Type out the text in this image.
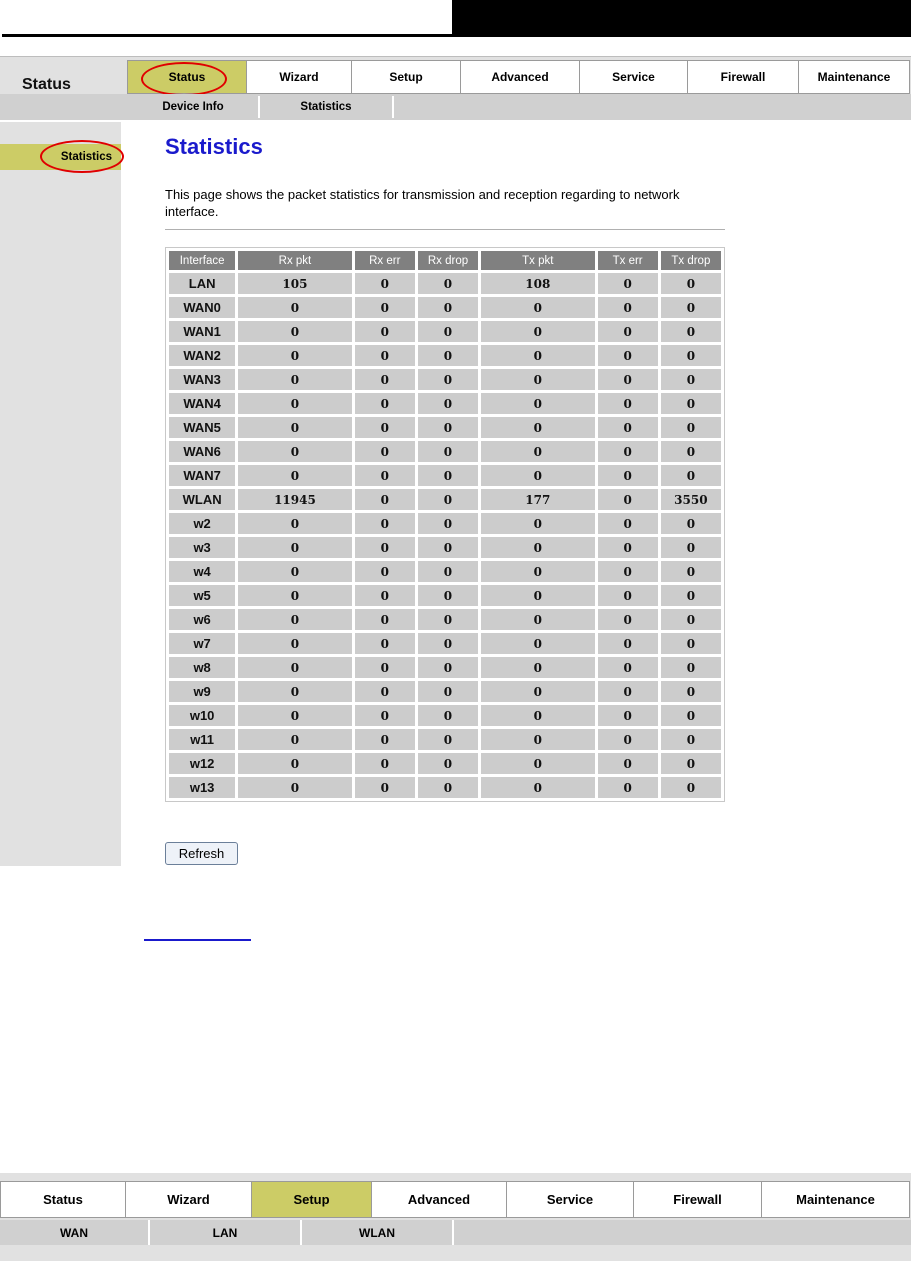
Status	Status	Wizard	Setup	Advanced	Service	Firewall	Maintenance
Device Info	Statistics
Statistics	Statistics
This page shows the packet statistics for transmission and reception regarding to network interface.
Interface	Rx pkt	Rx err	Rx drop	Tx pkt	Tx err	Tx drop
LAN	105	0	0	108	0	0
WAN0	0	0	0	0	0	0
WAN1	0	0	0	0	0	0
WAN2	0	0	0	0	0	0
WAN3	0	0	0	0	0	0
WAN4	0	0	0	0	0	0
WAN5	0	0	0	0	0	0
WAN6	0	0	0	0	0	0
WAN7	0	0	0	0	0	0
WLAN	11945	0	0	177	0	3550
w2	0	0	0	0	0	0
w3	0	0	0	0	0	0
w4	0	0	0	0	0	0
w5	0	0	0	0	0	0
w6	0	0	0	0	0	0
w7	0	0	0	0	0	0
w8	0	0	0	0	0	0
w9	0	0	0	0	0	0
w10	0	0	0	0	0	0
w11	0	0	0	0	0	0
w12	0	0	0	0	0	0
w13	0	0	0	0	0	0
Refresh
Status	Wizard	Setup	Advanced	Service	Firewall	Maintenance
WAN	LAN	WLAN
